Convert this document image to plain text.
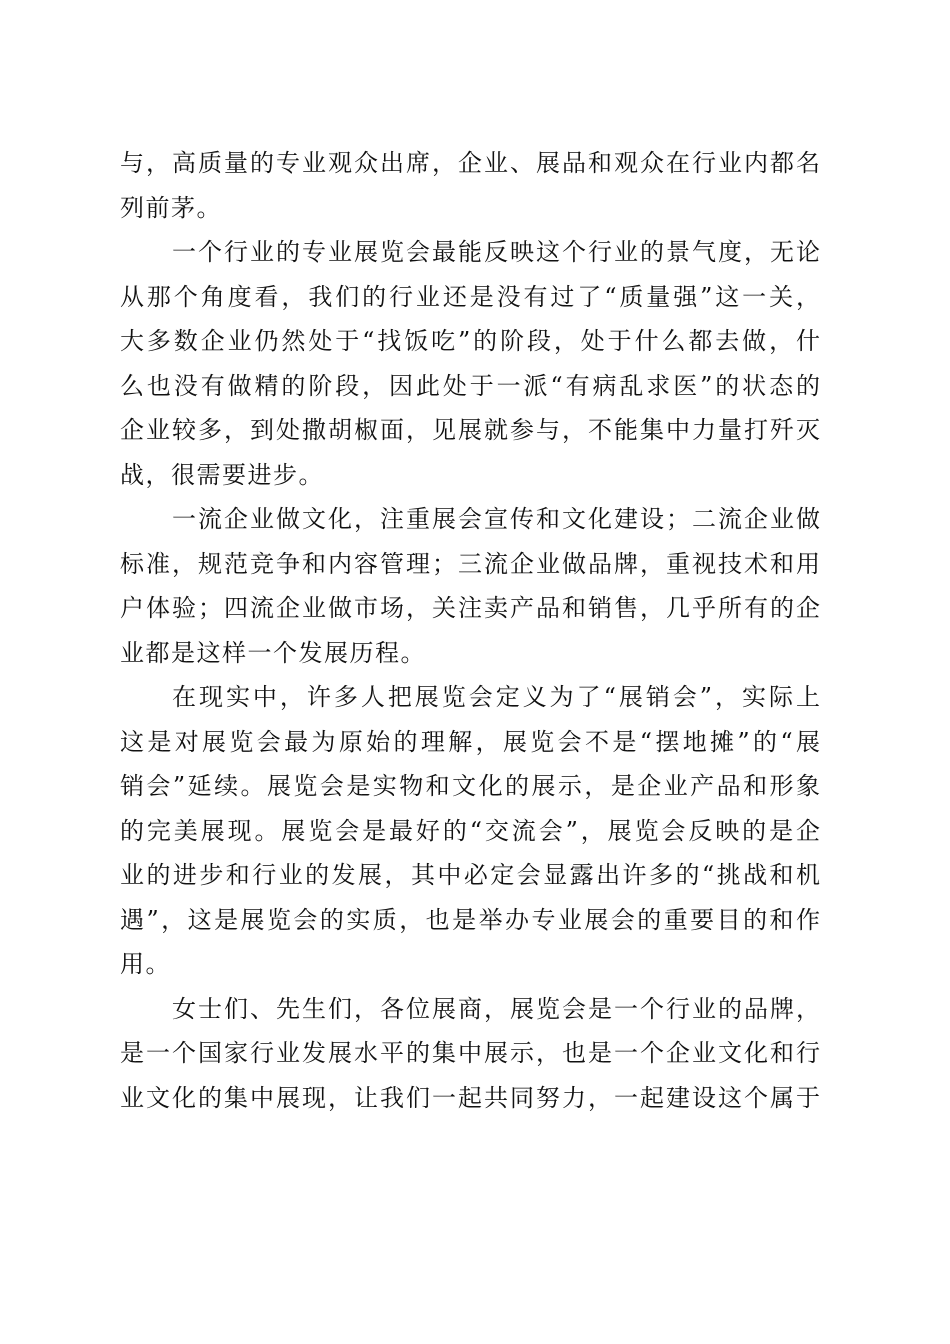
与，高质量的专业观众出席，企业、展品和观众在行业内都名
列前茅。
一个行业的专业展览会最能反映这个行业的景气度，无论
从那个角度看，我们的行业还是没有过了“质量强”这一关，
大多数企业仍然处于“找饭吃”的阶段，处于什么都去做，什
么也没有做精的阶段，因此处于一派“有病乱求医”的状态的
企业较多，到处撒胡椒面，见展就参与，不能集中力量打歼灭
战，很需要进步。
一流企业做文化，注重展会宣传和文化建设；二流企业做
标准，规范竞争和内容管理；三流企业做品牌，重视技术和用
户体验；四流企业做市场，关注卖产品和销售，几乎所有的企
业都是这样一个发展历程。
在现实中，许多人把展览会定义为了“展销会”，实际上
这是对展览会最为原始的理解，展览会不是“摆地摊”的“展
销会”延续。展览会是实物和文化的展示，是企业产品和形象
的完美展现。展览会是最好的“交流会”，展览会反映的是企
业的进步和行业的发展，其中必定会显露出许多的“挑战和机
遇”，这是展览会的实质，也是举办专业展会的重要目的和作
用。
女士们、先生们，各位展商，展览会是一个行业的品牌，
是一个国家行业发展水平的集中展示，也是一个企业文化和行
业文化的集中展现，让我们一起共同努力，一起建设这个属于
